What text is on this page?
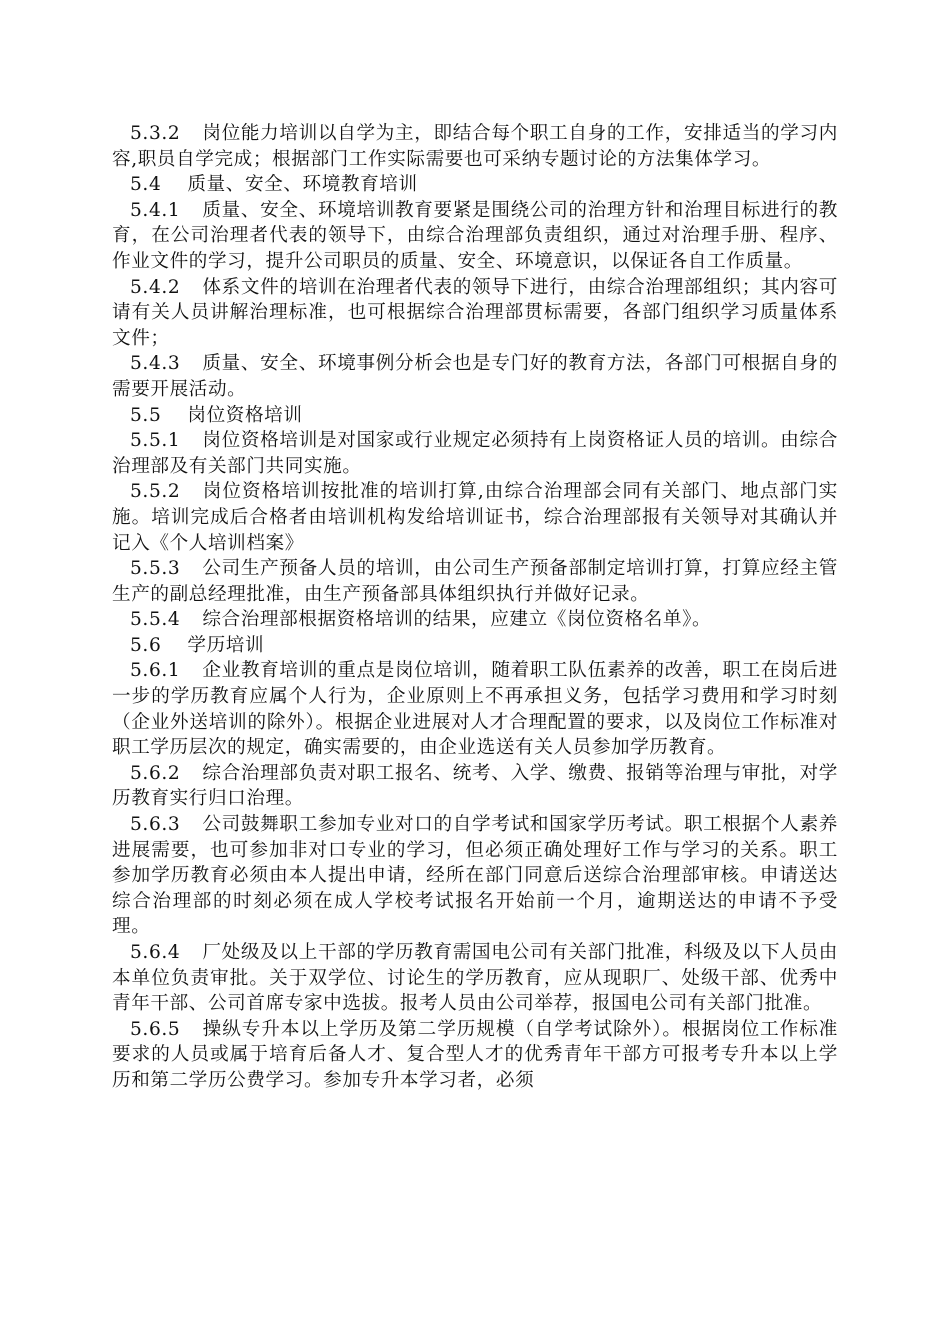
5.3.2 岗位能力培训以自学为主，即结合每个职工自身的工作，安排适当的学习内容,职员自学完成；根据部门工作实际需要也可采纳专题讨论的方法集体学习。

5.4 质量、安全、环境教育培训

5.4.1 质量、安全、环境培训教育要紧是围绕公司的治理方针和治理目标进行的教育，在公司治理者代表的领导下，由综合治理部负责组织，通过对治理手册、程序、作业文件的学习，提升公司职员的质量、安全、环境意识，以保证各自工作质量。

5.4.2 体系文件的培训在治理者代表的领导下进行，由综合治理部组织；其内容可请有关人员讲解治理标准，也可根据综合治理部贯标需要，各部门组织学习质量体系文件；

5.4.3 质量、安全、环境事例分析会也是专门好的教育方法，各部门可根据自身的需要开展活动。

5.5 岗位资格培训

5.5.1 岗位资格培训是对国家或行业规定必须持有上岗资格证人员的培训。由综合治理部及有关部门共同实施。

5.5.2 岗位资格培训按批准的培训打算,由综合治理部会同有关部门、地点部门实施。培训完成后合格者由培训机构发给培训证书，综合治理部报有关领导对其确认并记入《个人培训档案》

5.5.3 公司生产预备人员的培训，由公司生产预备部制定培训打算，打算应经主管生产的副总经理批准，由生产预备部具体组织执行并做好记录。

5.5.4 综合治理部根据资格培训的结果，应建立《岗位资格名单》。

5.6 学历培训

5.6.1 企业教育培训的重点是岗位培训，随着职工队伍素养的改善，职工在岗后进一步的学历教育应属个人行为，企业原则上不再承担义务，包括学习费用和学习时刻（企业外送培训的除外）。根据企业进展对人才合理配置的要求，以及岗位工作标准对职工学历层次的规定，确实需要的，由企业选送有关人员参加学历教育。

5.6.2 综合治理部负责对职工报名、统考、入学、缴费、报销等治理与审批，对学历教育实行归口治理。

5.6.3 公司鼓舞职工参加专业对口的自学考试和国家学历考试。职工根据个人素养进展需要，也可参加非对口专业的学习，但必须正确处理好工作与学习的关系。职工参加学历教育必须由本人提出申请，经所在部门同意后送综合治理部审核。申请送达综合治理部的时刻必须在成人学校考试报名开始前一个月，逾期送达的申请不予受理。

5.6.4 厂处级及以上干部的学历教育需国电公司有关部门批准，科级及以下人员由本单位负责审批。关于双学位、讨论生的学历教育，应从现职厂、处级干部、优秀中青年干部、公司首席专家中选拔。报考人员由公司举荐，报国电公司有关部门批准。

5.6.5 操纵专升本以上学历及第二学历规模（自学考试除外）。根据岗位工作标准要求的人员或属于培育后备人才、复合型人才的优秀青年干部方可报考专升本以上学历和第二学历公费学习。参加专升本学习者，必须
